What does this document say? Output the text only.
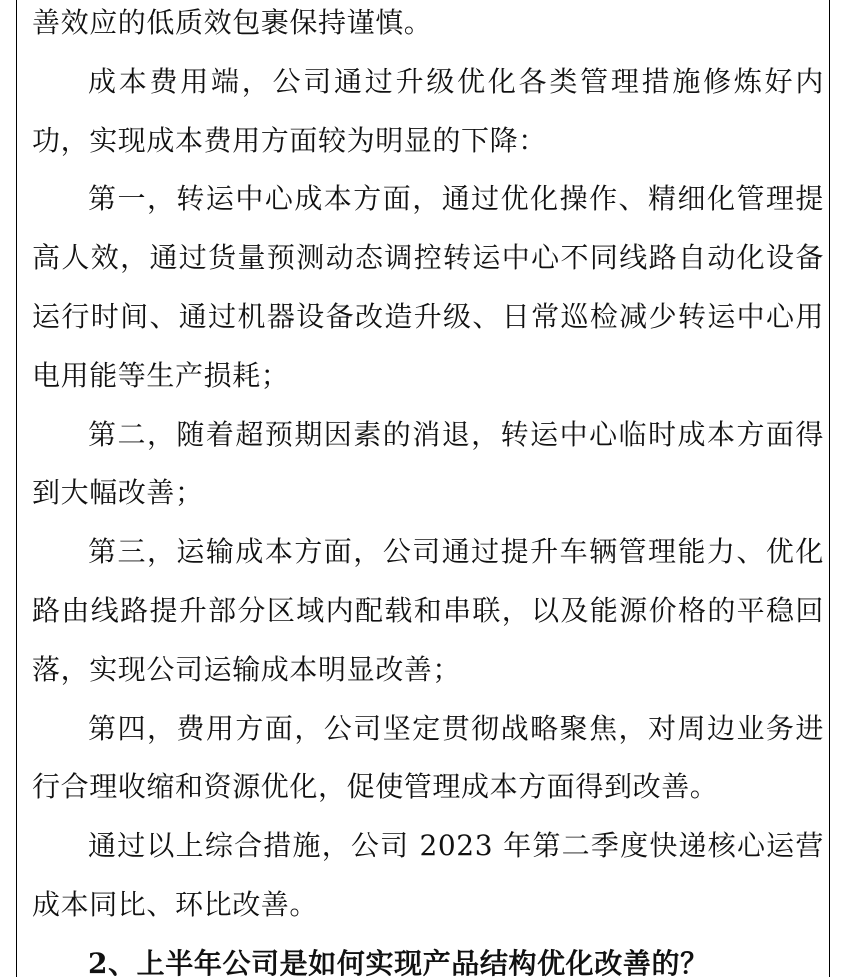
善效应的低质效包裹保持谨慎。

成本费用端，公司通过升级优化各类管理措施修炼好内功，实现成本费用方面较为明显的下降：

第一，转运中心成本方面，通过优化操作、精细化管理提高人效，通过货量预测动态调控转运中心不同线路自动化设备运行时间、通过机器设备改造升级、日常巡检减少转运中心用电用能等生产损耗；

第二，随着超预期因素的消退，转运中心临时成本方面得到大幅改善；

第三，运输成本方面，公司通过提升车辆管理能力、优化路由线路提升部分区域内配载和串联，以及能源价格的平稳回落，实现公司运输成本明显改善；

第四，费用方面，公司坚定贯彻战略聚焦，对周边业务进行合理收缩和资源优化，促使管理成本方面得到改善。

通过以上综合措施，公司 2023 年第二季度快递核心运营成本同比、环比改善。

2、上半年公司是如何实现产品结构优化改善的？
